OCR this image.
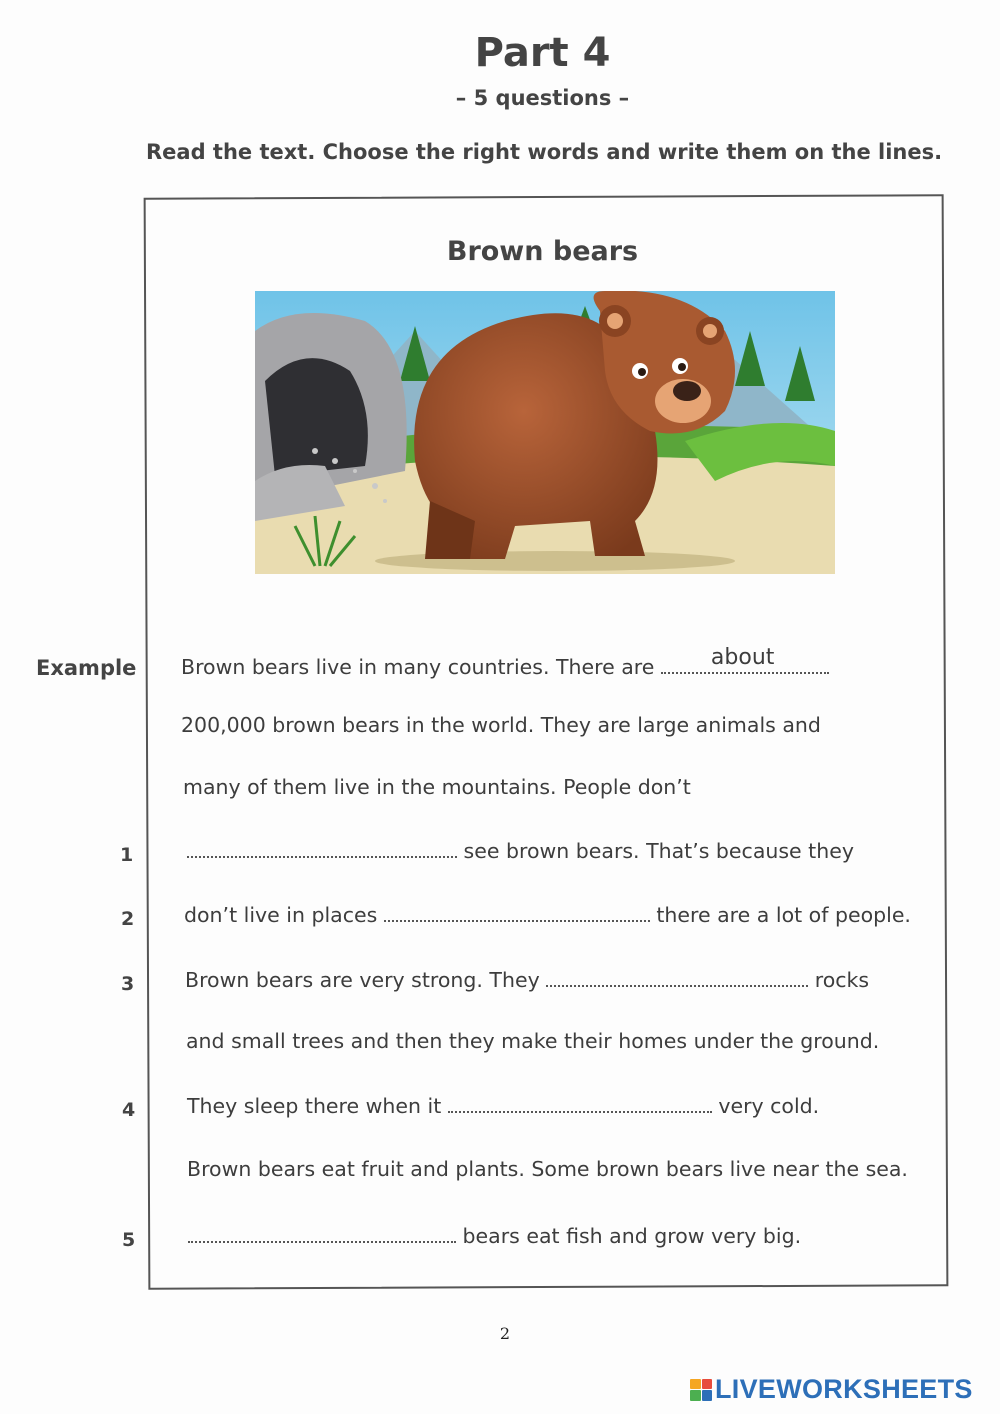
Part 4
– 5 questions –
Read the text. Choose the right words and write them on the lines.
Brown bears
Example Brown bears live in many countries. There are	about
200,000 brown bears in the world. They are large animals and
many of them live in the mountains. People don’t
1	see brown bears. That’s because they
2 don’t live in places	there are a lot of people.
3 Brown bears are very strong. They	rocks
and small trees and then they make their homes under the ground.
4	They sleep there when it	very cold.
Brown bears eat fruit and plants. Some brown bears live near the sea.
5	bears eat fish and grow very big.
2
LIVEWORKSHEETS
